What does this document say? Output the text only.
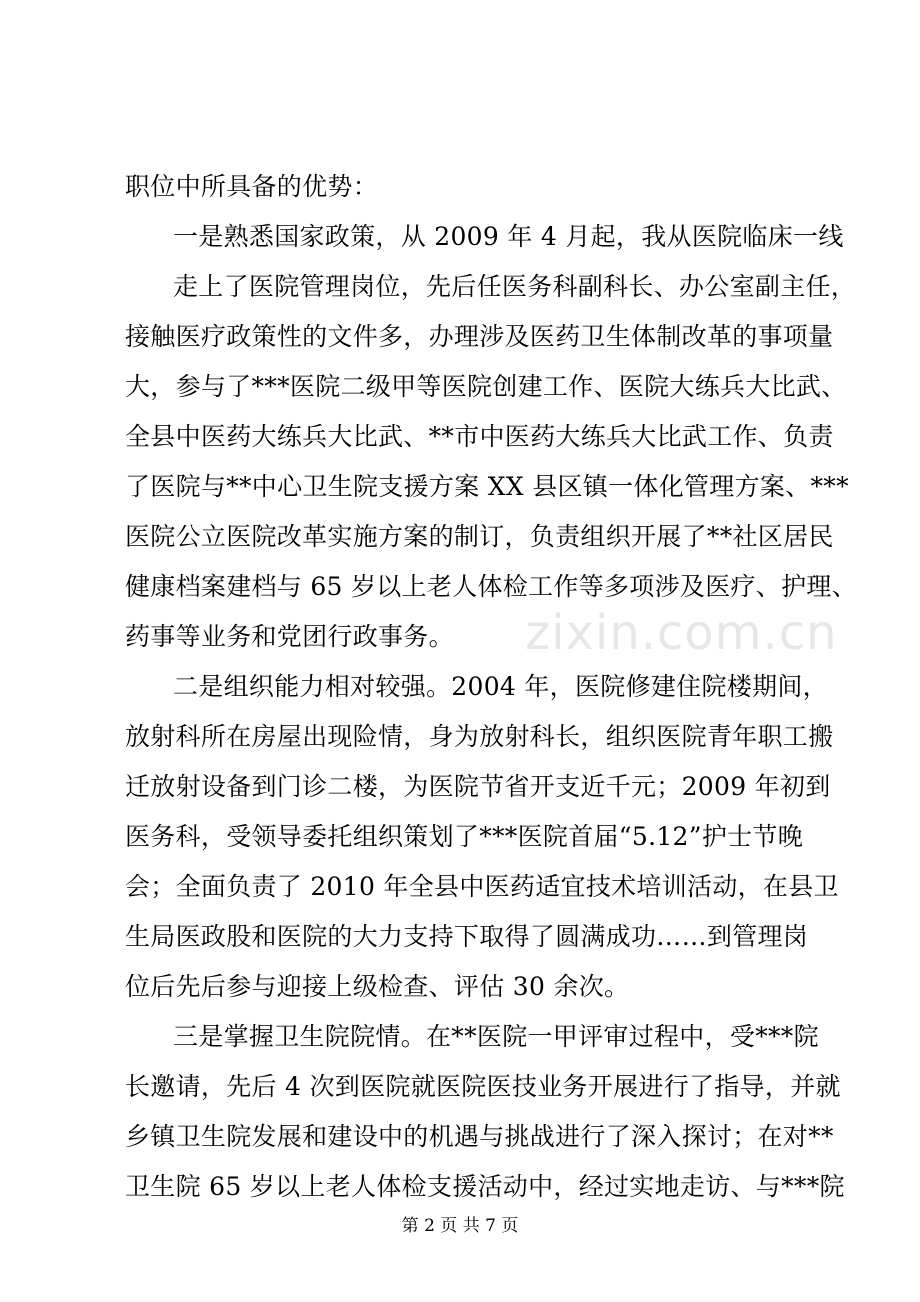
职位中所具备的优势：
一是熟悉国家政策，从 2009 年 4 月起，我从医院临床一线
走上了医院管理岗位，先后任医务科副科长、办公室副主任，
接触医疗政策性的文件多，办理涉及医药卫生体制改革的事项量
大，参与了***医院二级甲等医院创建工作、医院大练兵大比武、
全县中医药大练兵大比武、**市中医药大练兵大比武工作、负责
了医院与**中心卫生院支援方案 XX 县区镇一体化管理方案、***
医院公立医院改革实施方案的制订，负责组织开展了**社区居民
健康档案建档与 65 岁以上老人体检工作等多项涉及医疗、护理、
药事等业务和党团行政事务。
二是组织能力相对较强。2004 年，医院修建住院楼期间，
放射科所在房屋出现险情，身为放射科长，组织医院青年职工搬
迁放射设备到门诊二楼，为医院节省开支近千元；2009 年初到
医务科，受领导委托组织策划了***医院首届“5.12”护士节晚
会；全面负责了 2010 年全县中医药适宜技术培训活动，在县卫
生局医政股和医院的大力支持下取得了圆满成功……到管理岗
位后先后参与迎接上级检查、评估 30 余次。
三是掌握卫生院院情。在**医院一甲评审过程中，受***院
长邀请，先后 4 次到医院就医院医技业务开展进行了指导，并就
乡镇卫生院发展和建设中的机遇与挑战进行了深入探讨；在对**
卫生院 65 岁以上老人体检支援活动中，经过实地走访、与***院
zixin.com.cn
第 2 页 共 7 页
